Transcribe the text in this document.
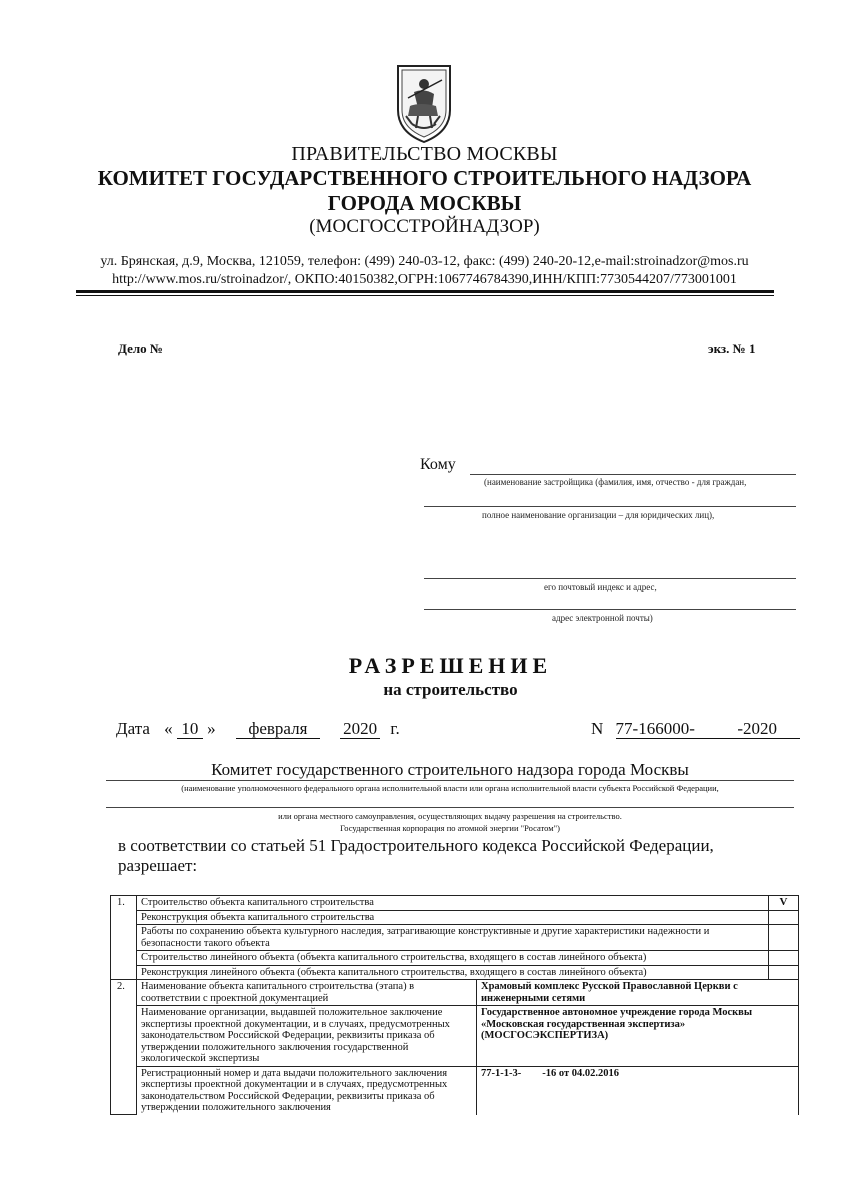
ПРАВИТЕЛЬСТВО МОСКВЫ
КОМИТЕТ ГОСУДАРСТВЕННОГО СТРОИТЕЛЬНОГО НАДЗОРА
ГОРОДА МОСКВЫ
(МОСГОССТРОЙНАДЗОР)
ул. Брянская, д.9, Москва, 121059, телефон: (499) 240-03-12, факс: (499) 240-20-12,e-mail:stroinadzor@mos.ru
http://www.mos.ru/stroinadzor/, ОКПО:40150382,ОГРН:1067746784390,ИНН/КПП:7730544207/773001001
Дело №	экз. № 1
Кому
(наименование застройщика (фамилия, имя, отчество - для граждан,
полное наименование организации – для юридических лиц),
его почтовый индекс и адрес,
адрес электронной почты)
РАЗРЕШЕНИЕ
на строительство
Дата « 10 » февраля 2020 г.	N 77-166000-          -2020
Комитет государственного строительного надзора города Москвы
(наименование уполномоченного федерального органа исполнительной власти или органа исполнительной власти субъекта Российской Федерации,
или органа местного самоуправления, осуществляющих выдачу разрешения на строительство.
Государственная корпорация по атомной энергии "Росатом")
в соответствии со статьей 51 Градостроительного кодекса Российской Федерации,
разрешает:
1.	Строительство объекта капитального строительства		V
	Реконструкция объекта капитального строительства		
	Работы по сохранению объекта культурного наследия, затрагивающие конструктивные и другие характеристики надежности и безопасности такого объекта		
	Строительство линейного объекта (объекта капитального строительства, входящего в состав линейного объекта)		
	Реконструкция линейного объекта (объекта капитального строительства, входящего в состав линейного объекта)		
2.	Наименование объекта капитального строительства (этапа) в соответствии с проектной документацией	Храмовый комплекс Русской Православной Церкви с инженерными сетями	
	Наименование организации, выдавшей положительное заключение экспертизы проектной документации, и в случаях, предусмотренных законодательством Российской Федерации, реквизиты приказа об утверждении положительного заключения государственной экологической экспертизы	Государственное автономное учреждение города Москвы «Московская государственная экспертиза» (МОСГОСЭКСПЕРТИЗА)	
	Регистрационный номер и дата выдачи положительного заключения экспертизы проектной документации и в случаях, предусмотренных законодательством Российской Федерации, реквизиты приказа об утверждении положительного заключения	77-1-1-3-        -16 от 04.02.2016	
